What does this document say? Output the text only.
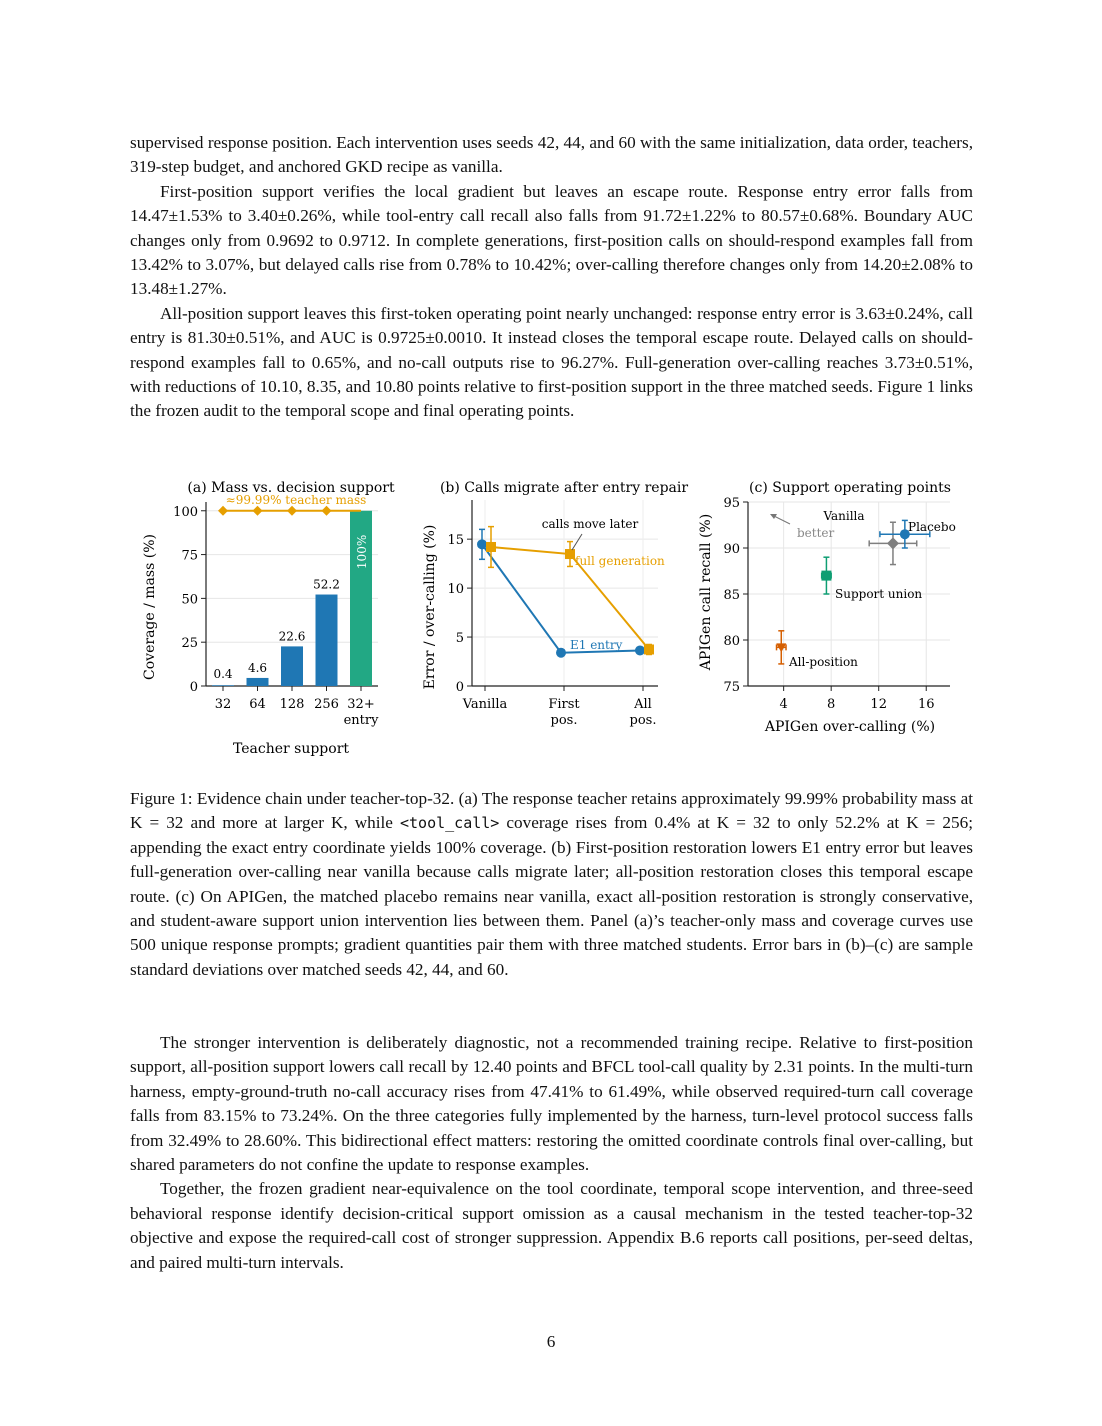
supervised response position. Each intervention uses seeds 42, 44, and 60 with the same initialization, data order, teachers, 319-step budget, and anchored GKD recipe as vanilla.

First-position support verifies the local gradient but leaves an escape route. Response entry error falls from 14.47±1.53% to 3.40±0.26%, while tool-entry call recall also falls from 91.72±1.22% to 80.57±0.68%. Boundary AUC changes only from 0.9692 to 0.9712. In complete generations, first-position calls on should-respond examples fall from 13.42% to 3.07%, but delayed calls rise from 0.78% to 10.42%; over-calling therefore changes only from 14.20±2.08% to 13.48±1.27%.

All-position support leaves this first-token operating point nearly unchanged: response entry error is 3.63±0.24%, call entry is 81.30±0.51%, and AUC is 0.9725±0.0010. It instead closes the temporal escape route. Delayed calls on should-respond examples fall to 0.65%, and no-call outputs rise to 96.27%. Full-generation over-calling reaches 3.73±0.51%, with reductions of 10.10, 8.35, and 10.80 points relative to first-position support in the three matched seeds. Figure 1 links the frozen audit to the temporal scope and final operating points.

(a) Mass vs. decision support
Coverage / mass (%)
Teacher support
0
25
50
75
100
32
0.4
64
4.6
128
22.6
256
52.2
32+ entry
100%
≈99.99% teacher mass
(b) Calls migrate after entry repair
Error / over-calling (%) 0
5
10
15
Vanilla	First pos.
All pos.
E1 entry
full generation
calls move later
(c) Support operating points
APIGen call recall (%)
APIGen over-calling (%)
75
80
85
90
95
4	8	12 16
Vanilla
Placebo
Support union
All-position
better

Figure 1: Evidence chain under teacher-top-32. (a) The response teacher retains approximately 99.99% probability mass at K = 32 and more at larger K, while <tool_call> coverage rises from 0.4% at K = 32 to only 52.2% at K = 256; appending the exact entry coordinate yields 100% coverage. (b) First-position restoration lowers E1 entry error but leaves full-generation over-calling near vanilla because calls migrate later; all-position restoration closes this temporal escape route. (c) On APIGen, the matched placebo remains near vanilla, exact all-position restoration is strongly conservative, and student-aware support union intervention lies between them. Panel (a)’s teacher-only mass and coverage curves use 500 unique response prompts; gradient quantities pair them with three matched students. Error bars in (b)–(c) are sample standard deviations over matched seeds 42, 44, and 60.

The stronger intervention is deliberately diagnostic, not a recommended training recipe. Relative to first-position support, all-position support lowers call recall by 12.40 points and BFCL tool-call quality by 2.31 points. In the multi-turn harness, empty-ground-truth no-call accuracy rises from 47.41% to 61.49%, while observed required-turn call coverage falls from 83.15% to 73.24%. On the three categories fully implemented by the harness, turn-level protocol success falls from 32.49% to 28.60%. This bidirectional effect matters: restoring the omitted coordinate controls final over-calling, but shared parameters do not confine the update to response examples.

Together, the frozen gradient near-equivalence on the tool coordinate, temporal scope intervention, and three-seed behavioral response identify decision-critical support omission as a causal mechanism in the tested teacher-top-32 objective and expose the required-call cost of stronger suppression. Appendix B.6 reports call positions, per-seed deltas, and paired multi-turn intervals.

6
